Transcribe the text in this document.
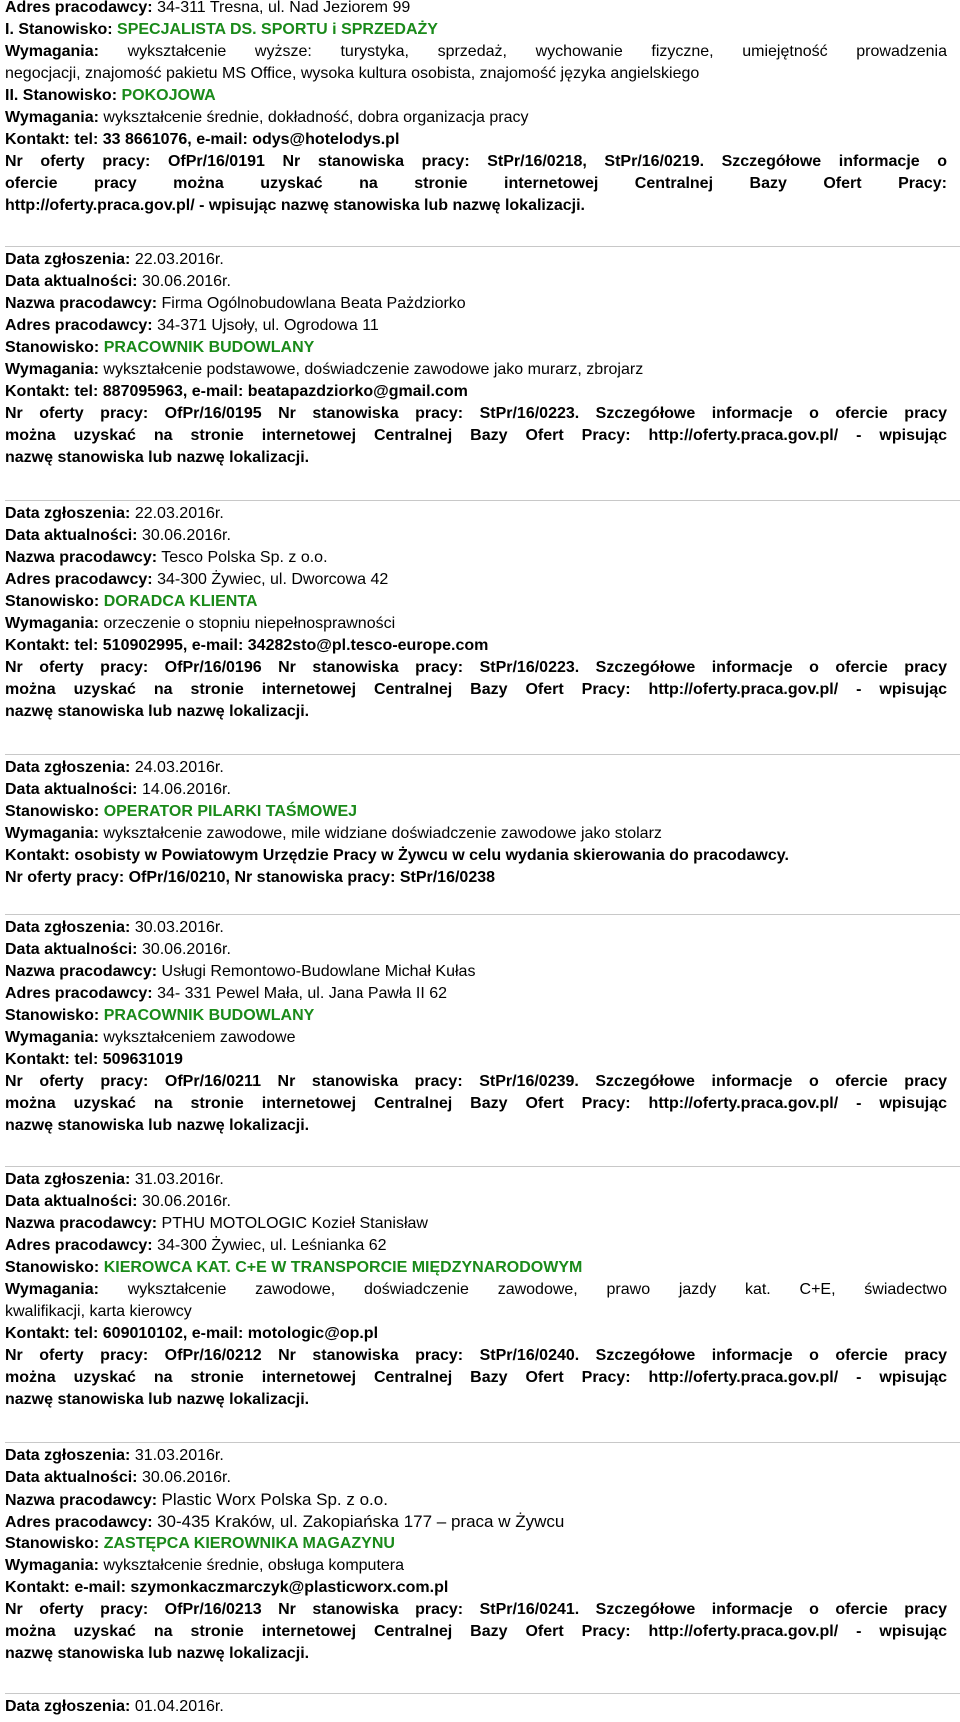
Adres pracodawcy: 34-311 Tresna, ul. Nad Jeziorem 99
I. Stanowisko: SPECJALISTA DS. SPORTU i SPRZEDAŻY
Wymagania: wykształcenie wyższe: turystyka, sprzedaż, wychowanie fizyczne, umiejętność prowadzenia
negocjacji, znajomość pakietu MS Office, wysoka kultura osobista, znajomość języka angielskiego
II. Stanowisko: POKOJOWA
Wymagania: wykształcenie średnie, dokładność, dobra organizacja pracy
Kontakt: tel: 33 8661076, e-mail: odys@hotelodys.pl
Nr oferty pracy: OfPr/16/0191 Nr stanowiska pracy: StPr/16/0218, StPr/16/0219. Szczegółowe informacje o
ofercie pracy można uzyskać na stronie internetowej Centralnej Bazy Ofert Pracy:
http://oferty.praca.gov.pl/ - wpisując nazwę stanowiska lub nazwę lokalizacji.
Data zgłoszenia: 22.03.2016r.
Data aktualności: 30.06.2016r.
Nazwa pracodawcy: Firma Ogólnobudowlana Beata Pażdziorko
Adres pracodawcy: 34-371 Ujsoły, ul. Ogrodowa 11
Stanowisko: PRACOWNIK BUDOWLANY
Wymagania: wykształcenie podstawowe, doświadczenie zawodowe jako murarz, zbrojarz
Kontakt: tel: 887095963, e-mail: beatapazdziorko@gmail.com
Nr oferty pracy: OfPr/16/0195 Nr stanowiska pracy: StPr/16/0223. Szczegółowe informacje o ofercie pracy
można uzyskać na stronie internetowej Centralnej Bazy Ofert Pracy: http://oferty.praca.gov.pl/ - wpisując
nazwę stanowiska lub nazwę lokalizacji.
Data zgłoszenia: 22.03.2016r.
Data aktualności: 30.06.2016r.
Nazwa pracodawcy: Tesco Polska Sp. z o.o.
Adres pracodawcy: 34-300 Żywiec, ul. Dworcowa 42
Stanowisko: DORADCA KLIENTA
Wymagania: orzeczenie o stopniu niepełnosprawności
Kontakt: tel: 510902995, e-mail: 34282sto@pl.tesco-europe.com
Nr oferty pracy: OfPr/16/0196 Nr stanowiska pracy: StPr/16/0223. Szczegółowe informacje o ofercie pracy
można uzyskać na stronie internetowej Centralnej Bazy Ofert Pracy: http://oferty.praca.gov.pl/ - wpisując
nazwę stanowiska lub nazwę lokalizacji.
Data zgłoszenia: 24.03.2016r.
Data aktualności: 14.06.2016r.
Stanowisko: OPERATOR PILARKI TAŚMOWEJ
Wymagania: wykształcenie zawodowe, mile widziane doświadczenie zawodowe jako stolarz
Kontakt: osobisty w Powiatowym Urzędzie Pracy w Żywcu w celu wydania skierowania do pracodawcy.
Nr oferty pracy: OfPr/16/0210, Nr stanowiska pracy: StPr/16/0238
Data zgłoszenia: 30.03.2016r.
Data aktualności: 30.06.2016r.
Nazwa pracodawcy: Usługi Remontowo-Budowlane Michał Kułas
Adres pracodawcy: 34- 331 Pewel Mała, ul. Jana Pawła II 62
Stanowisko: PRACOWNIK BUDOWLANY
Wymagania: wykształceniem zawodowe
Kontakt: tel: 509631019
Nr oferty pracy: OfPr/16/0211 Nr stanowiska pracy: StPr/16/0239. Szczegółowe informacje o ofercie pracy
można uzyskać na stronie internetowej Centralnej Bazy Ofert Pracy: http://oferty.praca.gov.pl/ - wpisując
nazwę stanowiska lub nazwę lokalizacji.
Data zgłoszenia: 31.03.2016r.
Data aktualności: 30.06.2016r.
Nazwa pracodawcy: PTHU MOTOLOGIC Kozieł Stanisław
Adres pracodawcy: 34-300 Żywiec, ul. Leśnianka 62
Stanowisko: KIEROWCA KAT. C+E W TRANSPORCIE MIĘDZYNARODOWYM
Wymagania: wykształcenie zawodowe, doświadczenie zawodowe, prawo jazdy kat. C+E, świadectwo
kwalifikacji, karta kierowcy
Kontakt: tel: 609010102, e-mail: motologic@op.pl
Nr oferty pracy: OfPr/16/0212 Nr stanowiska pracy: StPr/16/0240. Szczegółowe informacje o ofercie pracy
można uzyskać na stronie internetowej Centralnej Bazy Ofert Pracy: http://oferty.praca.gov.pl/ - wpisując
nazwę stanowiska lub nazwę lokalizacji.
Data zgłoszenia: 31.03.2016r.
Data aktualności: 30.06.2016r.
Nazwa pracodawcy: Plastic Worx Polska Sp. z o.o.
Adres pracodawcy: 30-435 Kraków, ul. Zakopiańska 177 – praca w Żywcu
Stanowisko: ZASTĘPCA KIEROWNIKA MAGAZYNU
Wymagania: wykształcenie średnie, obsługa komputera
Kontakt: e-mail: szymonkaczmarczyk@plasticworx.com.pl
Nr oferty pracy: OfPr/16/0213 Nr stanowiska pracy: StPr/16/0241. Szczegółowe informacje o ofercie pracy
można uzyskać na stronie internetowej Centralnej Bazy Ofert Pracy: http://oferty.praca.gov.pl/ - wpisując
nazwę stanowiska lub nazwę lokalizacji.
Data zgłoszenia: 01.04.2016r.
